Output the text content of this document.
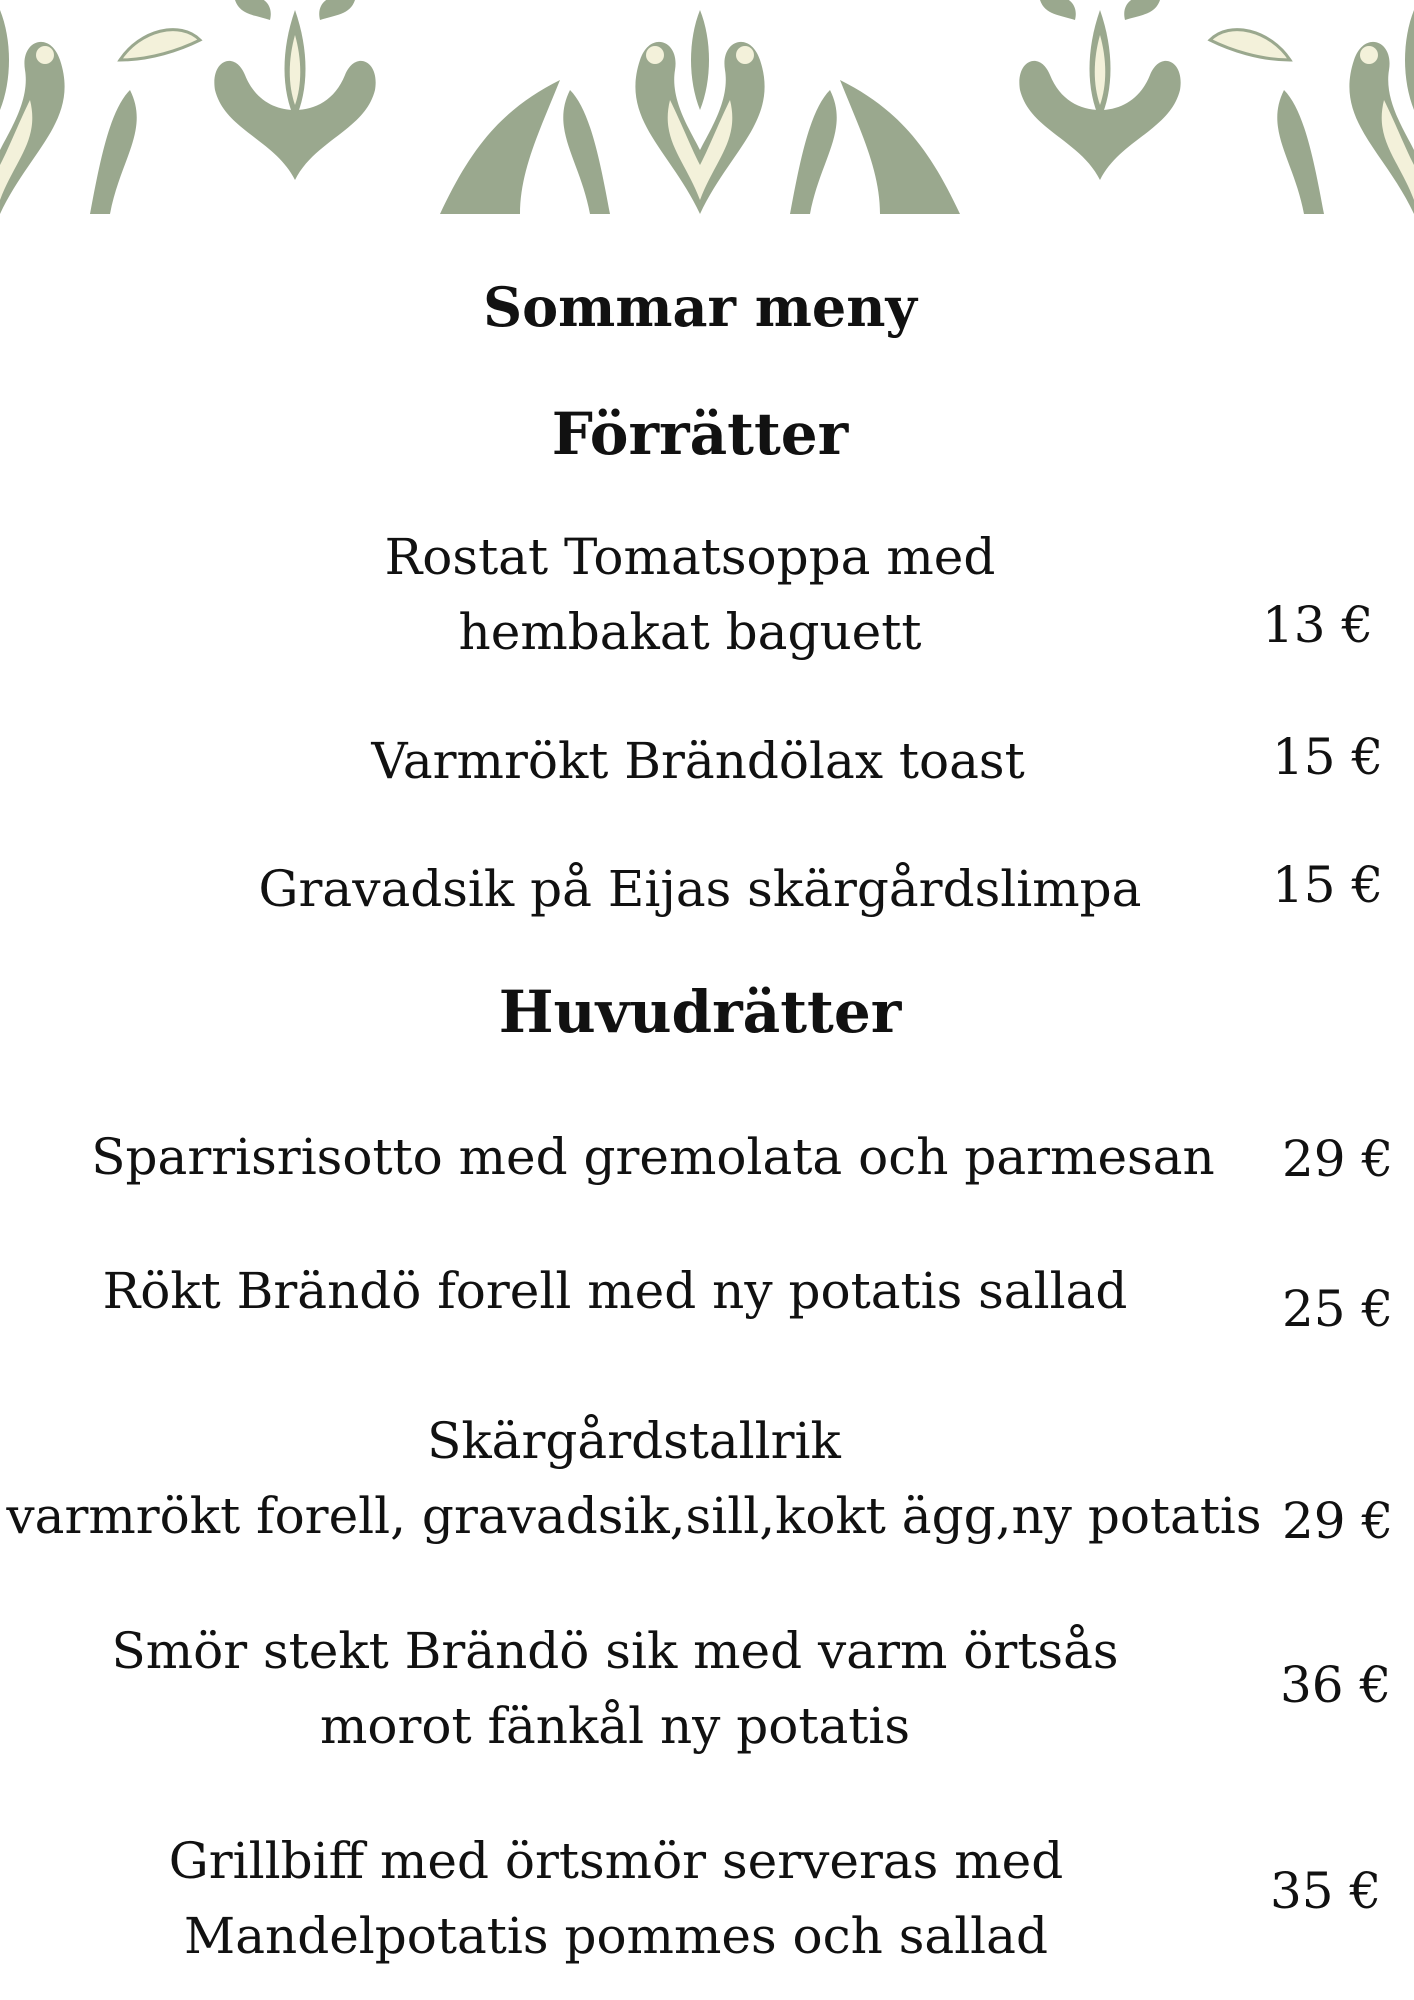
Sommar meny
Förrätter
Rostat Tomatsoppa med
hembakat baguett	13 €
Varmrökt Brändölax toast	15 €
Gravadsik på Eijas skärgårdslimpa	15 €
Huvudrätter
Sparrisrisotto med gremolata och parmesan 29 €
Rökt Brändö forell med ny potatis sallad	25 €
Skärgårdstallrik
varmrökt forell, gravadsik,sill,kokt ägg,ny potatis 29 €
Smör stekt Brändö sik med varm örtsås
morot fänkål ny potatis
36 €
Grillbiff med örtsmör serveras med
Mandelpotatis pommes och sallad
35 €
